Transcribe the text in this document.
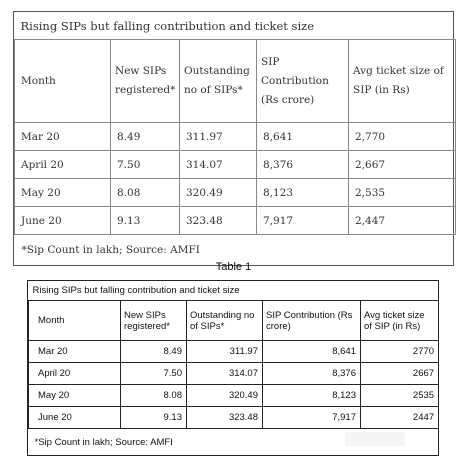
Rising SIPs but falling contribution and ticket size				
Month	New SIPs registered*	Outstanding no of SIPs*	SIP Contribution (Rs crore)	Avg ticket size of SIP (in Rs)
Mar 20	8.49	311.97	8,641	2,770
April 20	7.50	314.07	8,376	2,667
May 20	8.08	320.49	8,123	2,535
June 20	9.13	323.48	7,917	2,447
*Sip Count in lakh; Source: AMFI				
Table 1
Rising SIPs but falling contribution and ticket size				
Month	New SIPs registered*	Outstanding no of SIPs*	SIP Contribution (Rs crore)	Avg ticket size of SIP (in Rs)
Mar 20	8.49	311.97	8,641	2770
April 20	7.50	314.07	8,376	2667
May 20	8.08	320.49	8,123	2535
June 20	9.13	323.48	7,917	2447
*Sip Count in lakh; Source: AMFI				
